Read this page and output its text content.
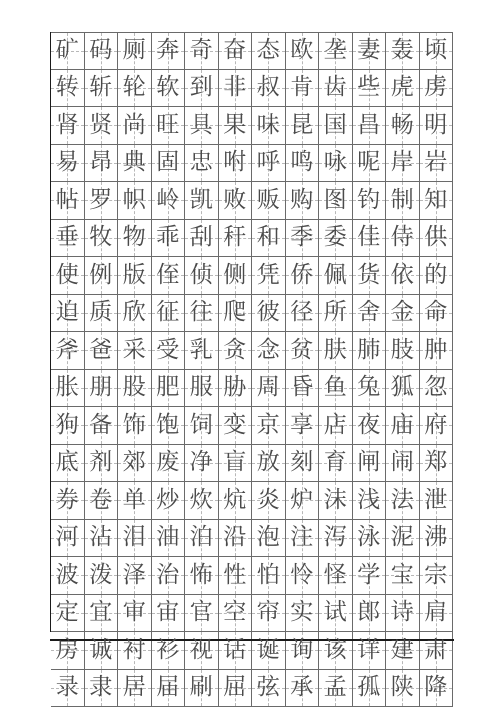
矿 码 厕 奔 奇 奋 态 欧 垄 妻 轰 顷
转 斩 轮 软 到 非 叔 肯 齿 些 虎 虏
肾 贤 尚 旺 具 果 味 昆 国 昌 畅 明
易 昂 典 固 忠 咐 呼 鸣 咏 呢 岸 岩
帖 罗 帜 岭 凯 败 贩 购 图 钓 制 知
垂 牧 物 乖 刮 秆 和 季 委 佳 侍 供
使 例 版 侄 侦 侧 凭 侨 佩 货 依 的
迫 质 欣 征 往 爬 彼 径 所 舍 金 命
斧 爸 采 受 乳 贪 念 贫 肤 肺 肢 肿
胀 朋 股 肥 服 胁 周 昏 鱼 兔 狐 忽
狗 备 饰 饱 饲 变 京 享 店 夜 庙 府
底 剂 郊 废 净 盲 放 刻 育 闸 闹 郑
券 卷 单 炒 炊 炕 炎 炉 沫 浅 法 泄
河 沾 泪 油 泊 沿 泡 注 泻 泳 泥 沸
波 泼 泽 治 怖 性 怕 怜 怪 学 宝 宗
定 宜 审 宙 官 空 帘 实 试 郎 诗 肩
房 诚 衬 衫 视 话 诞 询 该 详 建 肃
录 隶 居 届 刷 屈 弦 承 孟 孤 陕 降
